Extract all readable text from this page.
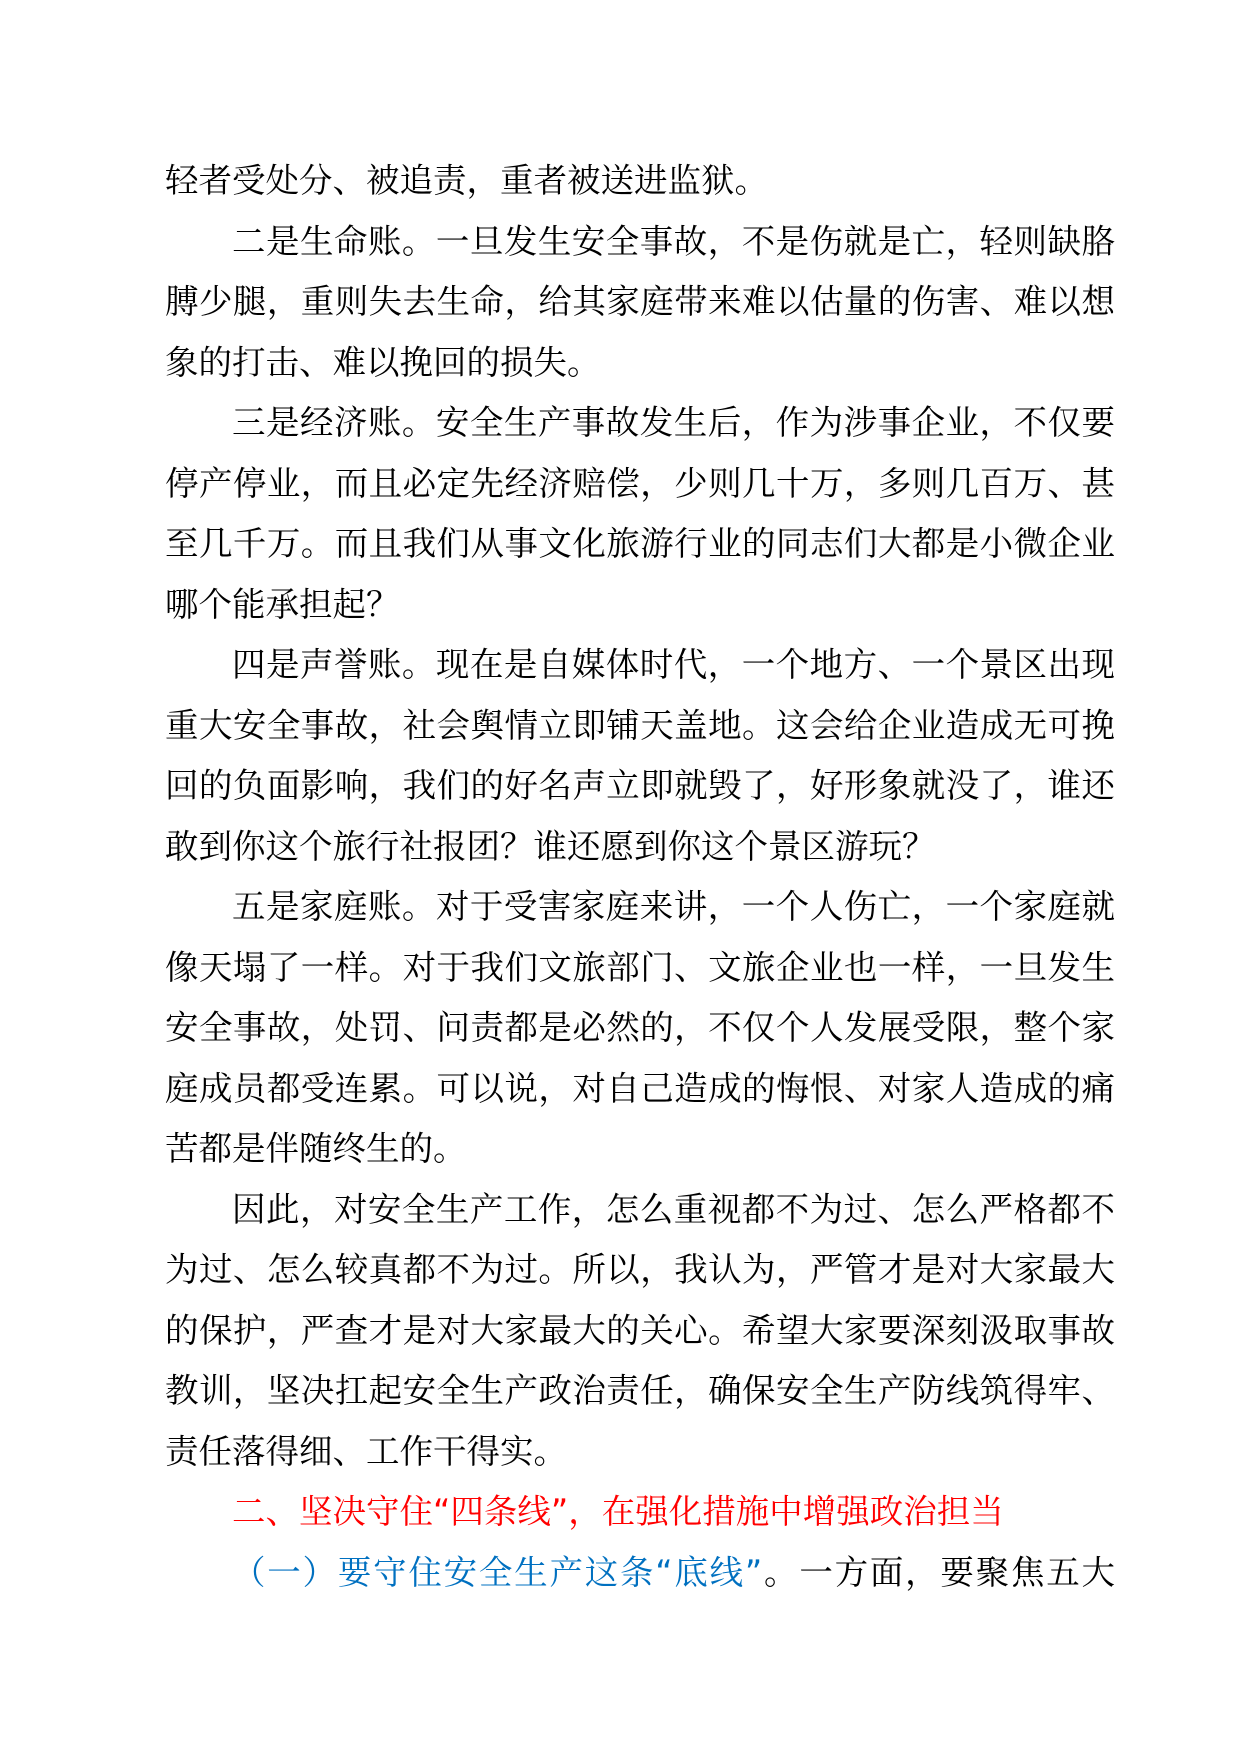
轻者受处分、被追责，重者被送进监狱。
二是生命账。一旦发生安全事故，不是伤就是亡，轻则缺胳
膊少腿，重则失去生命，给其家庭带来难以估量的伤害、难以想
象的打击、难以挽回的损失。
三是经济账。安全生产事故发生后，作为涉事企业，不仅要
停产停业，而且必定先经济赔偿，少则几十万，多则几百万、甚
至几千万。而且我们从事文化旅游行业的同志们大都是小微企业
哪个能承担起？
四是声誉账。现在是自媒体时代，一个地方、一个景区出现
重大安全事故，社会舆情立即铺天盖地。这会给企业造成无可挽
回的负面影响，我们的好名声立即就毁了，好形象就没了，谁还
敢到你这个旅行社报团？谁还愿到你这个景区游玩？
五是家庭账。对于受害家庭来讲，一个人伤亡，一个家庭就
像天塌了一样。对于我们文旅部门、文旅企业也一样，一旦发生
安全事故，处罚、问责都是必然的，不仅个人发展受限，整个家
庭成员都受连累。可以说，对自己造成的悔恨、对家人造成的痛
苦都是伴随终生的。
因此，对安全生产工作，怎么重视都不为过、怎么严格都不
为过、怎么较真都不为过。所以，我认为，严管才是对大家最大
的保护，严查才是对大家最大的关心。希望大家要深刻汲取事故
教训，坚决扛起安全生产政治责任，确保安全生产防线筑得牢、
责任落得细、工作干得实。
二、坚决守住“四条线”，在强化措施中增强政治担当
（一）要守住安全生产这条“底线”。一方面，要聚焦五大
